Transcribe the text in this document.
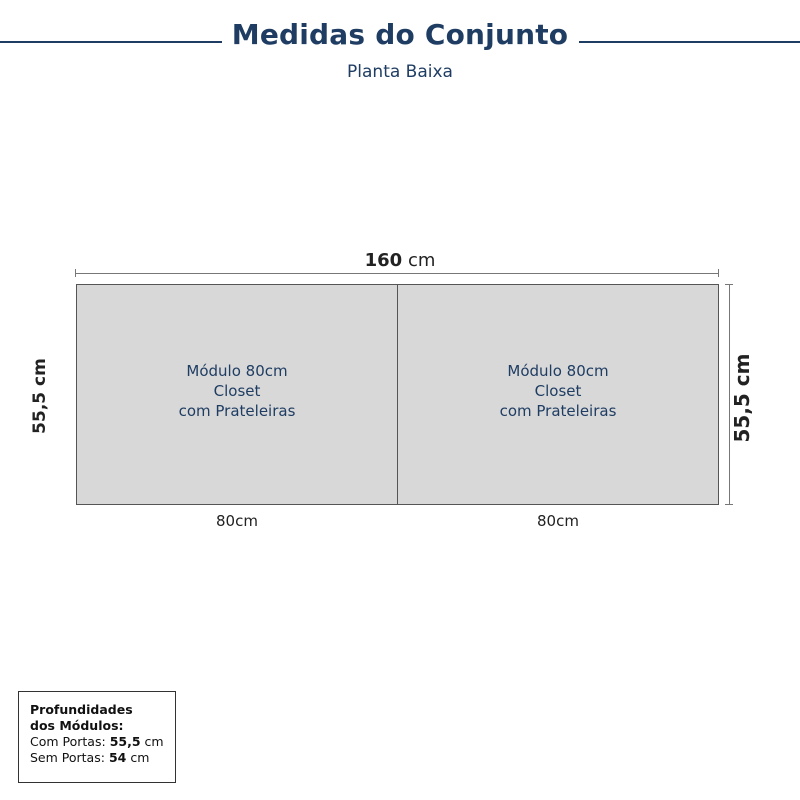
Medidas do Conjunto
Planta Baixa
160 cm
Módulo 80cm
Closet
com Prateleiras
Módulo 80cm
Closet
com Prateleiras
80cm	80cm
55,5 cm	55,5 cm
Profundidades
dos Módulos:
Com Portas: 55,5 cm
Sem Portas: 54 cm
